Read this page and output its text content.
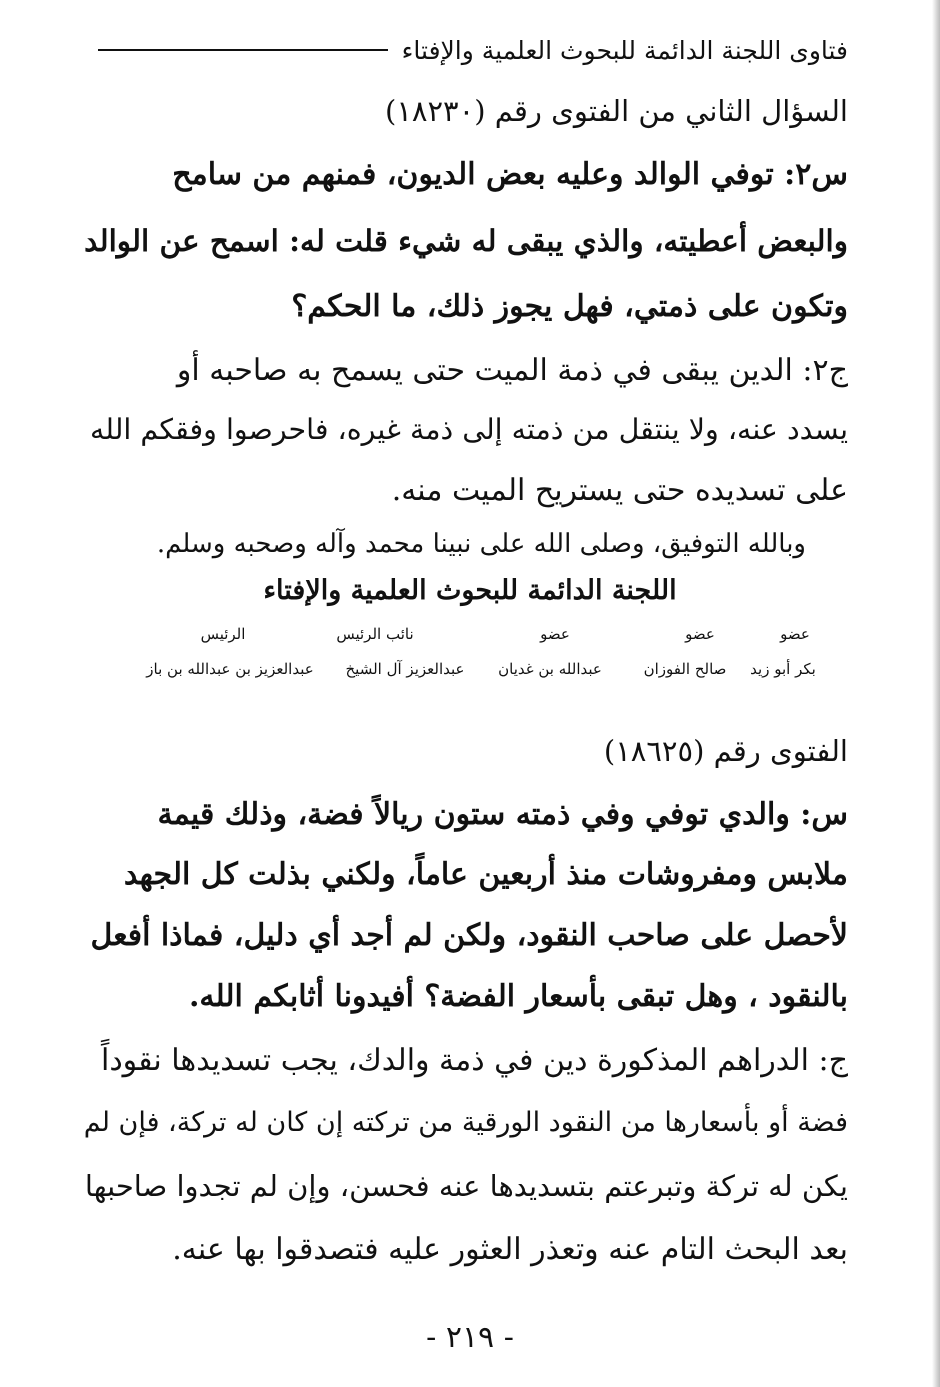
فتاوى اللجنة الدائمة للبحوث العلمية والإفتاء
السؤال الثاني من الفتوى رقم (١٨٢٣٠)
س٢: توفي الوالد وعليه بعض الديون، فمنهم من سامح
والبعض أعطيته، والذي يبقى له شيء قلت له: اسمح عن الوالد
وتكون على ذمتي، فهل يجوز ذلك، ما الحكم؟
ج٢: الدين يبقى في ذمة الميت حتى يسمح به صاحبه أو
يسدد عنه، ولا ينتقل من ذمته إلى ذمة غيره، فاحرصوا وفقكم الله
على تسديده حتى يستريح الميت منه.
وبالله التوفيق، وصلى الله على نبينا محمد وآله وصحبه وسلم.
اللجنة الدائمة للبحوث العلمية والإفتاء
عضو
عضو
عضو
نائب الرئيس
الرئيس
بكر أبو زيد
صالح الفوزان
عبدالله بن غديان
عبدالعزيز آل الشيخ
عبدالعزيز بن عبدالله بن باز
الفتوى رقم (١٨٦٢٥)
س: والدي توفي وفي ذمته ستون ريالاً فضة، وذلك قيمة
ملابس ومفروشات منذ أربعين عاماً، ولكني بذلت كل الجهد
لأحصل على صاحب النقود، ولكن لم أجد أي دليل، فماذا أفعل
بالنقود ، وهل تبقى بأسعار الفضة؟ أفيدونا أثابكم الله.
ج: الدراهم المذكورة دين في ذمة والدك، يجب تسديدها نقوداً
فضة أو بأسعارها من النقود الورقية من تركته إن كان له تركة، فإن لم
يكن له تركة وتبرعتم بتسديدها عنه فحسن، وإن لم تجدوا صاحبها
بعد البحث التام عنه وتعذر العثور عليه فتصدقوا بها عنه.
- ٢١٩ -
